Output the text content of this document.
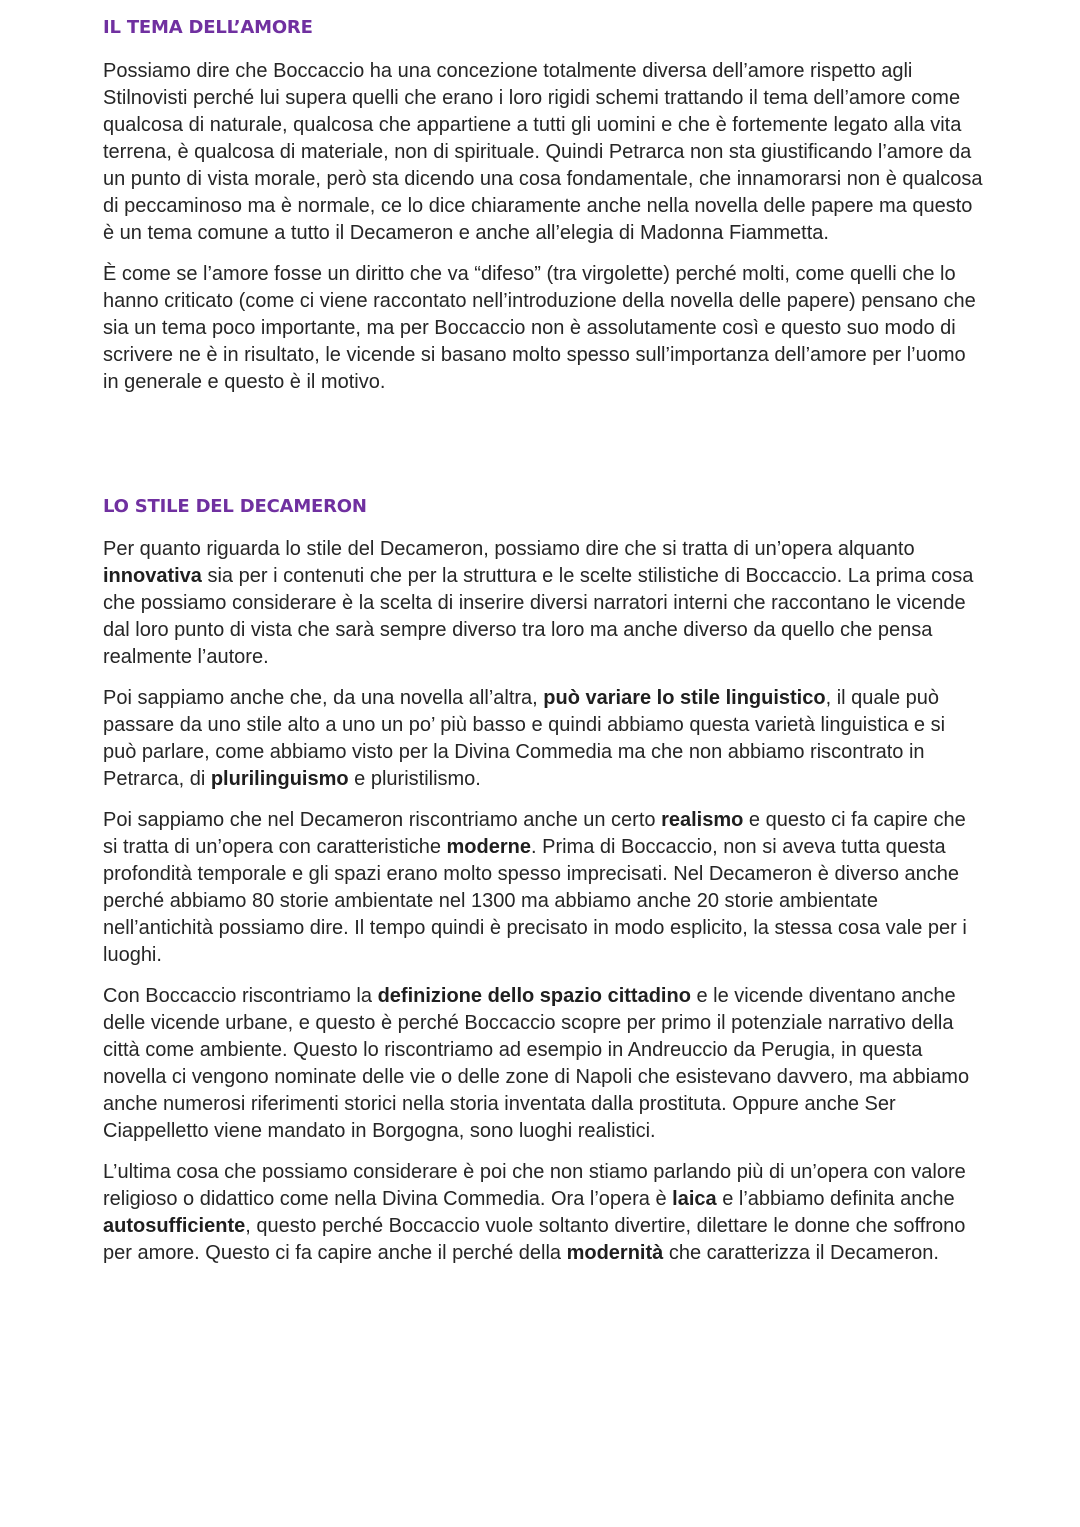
IL TEMA DELL’AMORE

Possiamo dire che Boccaccio ha una concezione totalmente diversa dell’amore rispetto agli Stilnovisti perché lui supera quelli che erano i loro rigidi schemi trattando il tema dell’amore come qualcosa di naturale, qualcosa che appartiene a tutti gli uomini e che è fortemente legato alla vita terrena, è qualcosa di materiale, non di spirituale. Quindi Petrarca non sta giustificando l’amore da un punto di vista morale, però sta dicendo una cosa fondamentale, che innamorarsi non è qualcosa di peccaminoso ma è normale, ce lo dice chiaramente anche nella novella delle papere ma questo è un tema comune a tutto il Decameron e anche all’elegia di Madonna Fiammetta.

È come se l’amore fosse un diritto che va “difeso” (tra virgolette) perché molti, come quelli che lo hanno criticato (come ci viene raccontato nell’introduzione della novella delle papere) pensano che sia un tema poco importante, ma per Boccaccio non è assolutamente così e questo suo modo di scrivere ne è in risultato, le vicende si basano molto spesso sull’importanza dell’amore per l’uomo in generale e questo è il motivo.

LO STILE DEL DECAMERON

Per quanto riguarda lo stile del Decameron, possiamo dire che si tratta di un’opera alquanto innovativa sia per i contenuti che per la struttura e le scelte stilistiche di Boccaccio. La prima cosa che possiamo considerare è la scelta di inserire diversi narratori interni che raccontano le vicende dal loro punto di vista che sarà sempre diverso tra loro ma anche diverso da quello che pensa realmente l’autore.

Poi sappiamo anche che, da una novella all’altra, può variare lo stile linguistico, il quale può passare da uno stile alto a uno un po’ più basso e quindi abbiamo questa varietà linguistica e si può parlare, come abbiamo visto per la Divina Commedia ma che non abbiamo riscontrato in Petrarca, di plurilinguismo e pluristilismo.

Poi sappiamo che nel Decameron riscontriamo anche un certo realismo e questo ci fa capire che si tratta di un’opera con caratteristiche moderne. Prima di Boccaccio, non si aveva tutta questa profondità temporale e gli spazi erano molto spesso imprecisati. Nel Decameron è diverso anche perché abbiamo 80 storie ambientate nel 1300 ma abbiamo anche 20 storie ambientate nell’antichità possiamo dire. Il tempo quindi è precisato in modo esplicito, la stessa cosa vale per i luoghi.

Con Boccaccio riscontriamo la definizione dello spazio cittadino e le vicende diventano anche delle vicende urbane, e questo è perché Boccaccio scopre per primo il potenziale narrativo della città come ambiente. Questo lo riscontriamo ad esempio in Andreuccio da Perugia, in questa novella ci vengono nominate delle vie o delle zone di Napoli che esistevano davvero, ma abbiamo anche numerosi riferimenti storici nella storia inventata dalla prostituta. Oppure anche Ser Ciappelletto viene mandato in Borgogna, sono luoghi realistici.

L’ultima cosa che possiamo considerare è poi che non stiamo parlando più di un’opera con valore religioso o didattico come nella Divina Commedia. Ora l’opera è laica e l’abbiamo definita anche autosufficiente, questo perché Boccaccio vuole soltanto divertire, dilettare le donne che soffrono per amore. Questo ci fa capire anche il perché della modernità che caratterizza il Decameron.
